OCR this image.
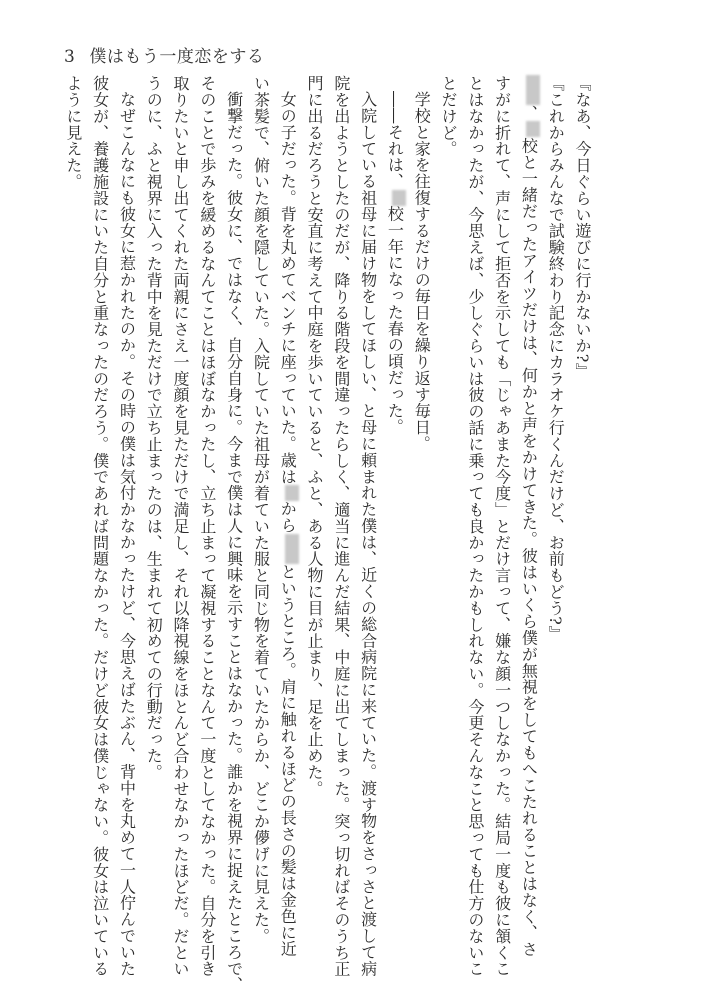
3 僕はもう一度恋をする
『なあ、今日ぐらい遊びに行かないか?』
『これからみんなで試験終わり記念にカラオケ行くんだけど、お前もどう?』
、校と一緒だったアイツだけは、何かと声をかけてきた。彼はいくら僕が無視をしてもへこたれることはなく、さ
すがに折れて、声にして拒否を示しても「じゃあまた今度」とだけ言って、嫌な顔一つしなかった。結局一度も彼に頷くこ
とはなかったが、今思えば、少しぐらいは彼の話に乗っても良かったかもしれない。今更そんなこと思っても仕方のないこ
とだけど。
学校と家を往復するだけの毎日を繰り返す毎日。
――それは、校一年になった春の頃だった。
入院している祖母に届け物をしてほしい、と母に頼まれた僕は、近くの総合病院に来ていた。渡す物をさっさと渡して病
院を出ようとしたのだが、降りる階段を間違ったらしく、適当に進んだ結果、中庭に出てしまった。突っ切ればそのうち正
門に出るだろうと安直に考えて中庭を歩いていると、ふと、ある人物に目が止まり、足を止めた。
女の子だった。背を丸めてベンチに座っていた。歳はからというところ。肩に触れるほどの長さの髪は金色に近
い茶髪で、俯いた顔を隠していた。入院していた祖母が着ていた服と同じ物を着ていたからか、どこか儚げに見えた。
衝撃だった。彼女に、ではなく、自分自身に。今まで僕は人に興味を示すことはなかった。誰かを視界に捉えたところで、
そのことで歩みを緩めるなんてことはほぼなかったし、立ち止まって凝視することなんて一度としてなかった。自分を引き
取りたいと申し出てくれた両親にさえ一度顔を見ただけで満足し、それ以降視線をほとんど合わせなかったほどだ。だとい
うのに、ふと視界に入った背中を見ただけで立ち止まったのは、生まれて初めての行動だった。
なぜこんなにも彼女に惹かれたのか。その時の僕は気付かなかったけど、今思えばたぶん、背中を丸めて一人佇んでいた
彼女が、養護施設にいた自分と重なったのだろう。僕であれば問題なかった。だけど彼女は僕じゃない。彼女は泣いている
ように見えた。
